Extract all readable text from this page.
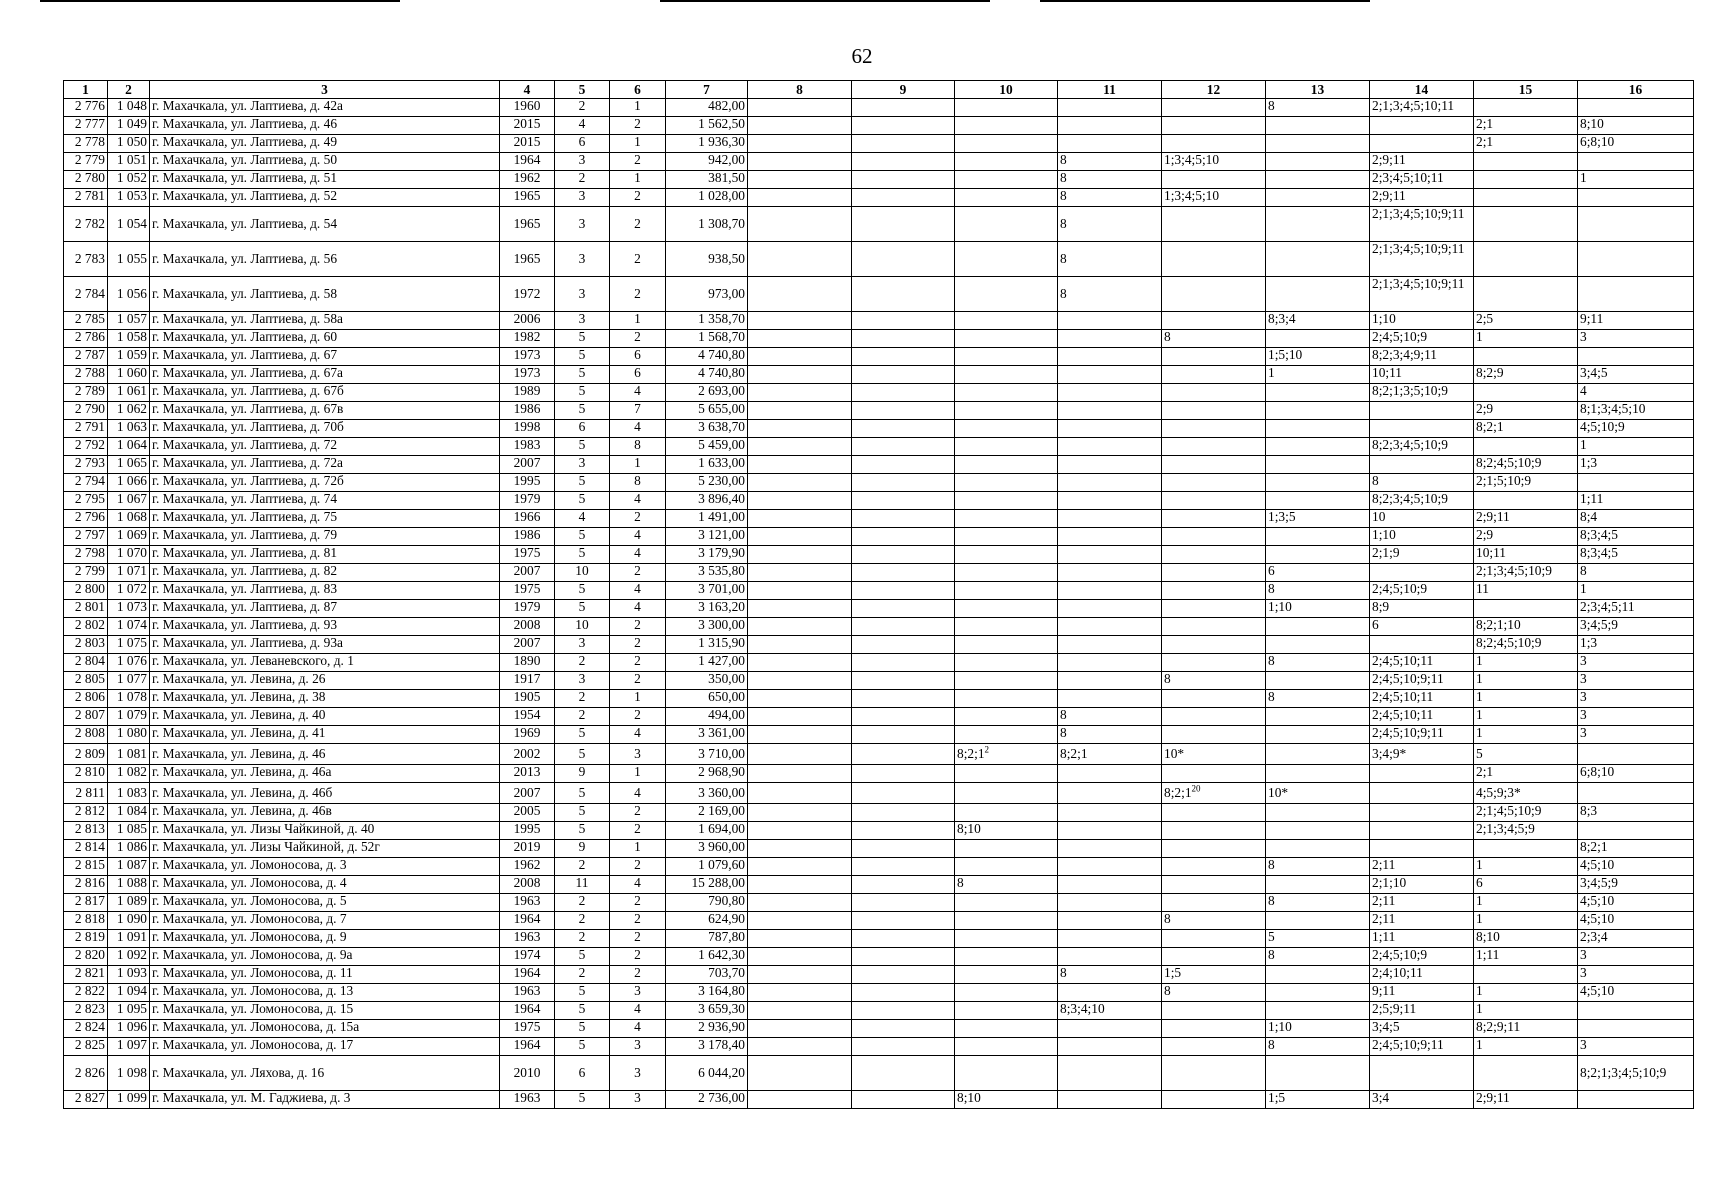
62
1	2	3	4	5	6	7	8	9	10	11	12	13	14	15	16
2 776	1 048	г. Махачкала, ул. Лаптиева, д. 42а	1960	2	1	482,00						8	2;1;3;4;5;10;11		
2 777	1 049	г. Махачкала, ул. Лаптиева, д. 46	2015	4	2	1 562,50								2;1	8;10
2 778	1 050	г. Махачкала, ул. Лаптиева, д. 49	2015	6	1	1 936,30								2;1	6;8;10
2 779	1 051	г. Махачкала, ул. Лаптиева, д. 50	1964	3	2	942,00				8	1;3;4;5;10		2;9;11		
2 780	1 052	г. Махачкала, ул. Лаптиева, д. 51	1962	2	1	381,50				8			2;3;4;5;10;11		1
2 781	1 053	г. Махачкала, ул. Лаптиева, д. 52	1965	3	2	1 028,00				8	1;3;4;5;10		2;9;11		
2 782	1 054	г. Махачкала, ул. Лаптиева, д. 54	1965	3	2	1 308,70				8			2;1;3;4;5;10;9;11		
2 783	1 055	г. Махачкала, ул. Лаптиева, д. 56	1965	3	2	938,50				8			2;1;3;4;5;10;9;11		
2 784	1 056	г. Махачкала, ул. Лаптиева, д. 58	1972	3	2	973,00				8			2;1;3;4;5;10;9;11		
2 785	1 057	г. Махачкала, ул. Лаптиева, д. 58а	2006	3	1	1 358,70						8;3;4	1;10	2;5	9;11
2 786	1 058	г. Махачкала, ул. Лаптиева, д. 60	1982	5	2	1 568,70					8		2;4;5;10;9	1	3
2 787	1 059	г. Махачкала, ул. Лаптиева, д. 67	1973	5	6	4 740,80						1;5;10	8;2;3;4;9;11		
2 788	1 060	г. Махачкала, ул. Лаптиева, д. 67а	1973	5	6	4 740,80						1	10;11	8;2;9	3;4;5
2 789	1 061	г. Махачкала, ул. Лаптиева, д. 67б	1989	5	4	2 693,00							8;2;1;3;5;10;9		4
2 790	1 062	г. Махачкала, ул. Лаптиева, д. 67в	1986	5	7	5 655,00								2;9	8;1;3;4;5;10
2 791	1 063	г. Махачкала, ул. Лаптиева, д. 70б	1998	6	4	3 638,70								8;2;1	4;5;10;9
2 792	1 064	г. Махачкала, ул. Лаптиева, д. 72	1983	5	8	5 459,00							8;2;3;4;5;10;9		1
2 793	1 065	г. Махачкала, ул. Лаптиева, д. 72а	2007	3	1	1 633,00								8;2;4;5;10;9	1;3
2 794	1 066	г. Махачкала, ул. Лаптиева, д. 72б	1995	5	8	5 230,00							8	2;1;5;10;9	
2 795	1 067	г. Махачкала, ул. Лаптиева, д. 74	1979	5	4	3 896,40							8;2;3;4;5;10;9		1;11
2 796	1 068	г. Махачкала, ул. Лаптиева, д. 75	1966	4	2	1 491,00						1;3;5	10	2;9;11	8;4
2 797	1 069	г. Махачкала, ул. Лаптиева, д. 79	1986	5	4	3 121,00							1;10	2;9	8;3;4;5
2 798	1 070	г. Махачкала, ул. Лаптиева, д. 81	1975	5	4	3 179,90							2;1;9	10;11	8;3;4;5
2 799	1 071	г. Махачкала, ул. Лаптиева, д. 82	2007	10	2	3 535,80						6		2;1;3;4;5;10;9	8
2 800	1 072	г. Махачкала, ул. Лаптиева, д. 83	1975	5	4	3 701,00						8	2;4;5;10;9	11	1
2 801	1 073	г. Махачкала, ул. Лаптиева, д. 87	1979	5	4	3 163,20						1;10	8;9		2;3;4;5;11
2 802	1 074	г. Махачкала, ул. Лаптиева, д. 93	2008	10	2	3 300,00							6	8;2;1;10	3;4;5;9
2 803	1 075	г. Махачкала, ул. Лаптиева, д. 93а	2007	3	2	1 315,90								8;2;4;5;10;9	1;3
2 804	1 076	г. Махачкала, ул. Леваневского, д. 1	1890	2	2	1 427,00						8	2;4;5;10;11	1	3
2 805	1 077	г. Махачкала, ул. Левина, д. 26	1917	3	2	350,00					8		2;4;5;10;9;11	1	3
2 806	1 078	г. Махачкала, ул. Левина, д. 38	1905	2	1	650,00						8	2;4;5;10;11	1	3
2 807	1 079	г. Махачкала, ул. Левина, д. 40	1954	2	2	494,00				8			2;4;5;10;11	1	3
2 808	1 080	г. Махачкала, ул. Левина, д. 41	1969	5	4	3 361,00				8			2;4;5;10;9;11	1	3
2 809	1 081	г. Махачкала, ул. Левина, д. 46	2002	5	3	3 710,00			$8;2;1^2$	8;2;1	10*		3;4;9*	5	
2 810	1 082	г. Махачкала, ул. Левина, д. 46а	2013	9	1	2 968,90								2;1	6;8;10
2 811	1 083	г. Махачкала, ул. Левина, д. 46б	2007	5	4	3 360,00					$8;2;1^{20}$	10*		4;5;9;3*	
2 812	1 084	г. Махачкала, ул. Левина, д. 46в	2005	5	2	2 169,00								2;1;4;5;10;9	8;3
2 813	1 085	г. Махачкала, ул. Лизы Чайкиной, д. 40	1995	5	2	1 694,00			8;10					2;1;3;4;5;9	
2 814	1 086	г. Махачкала, ул. Лизы Чайкиной, д. 52г	2019	9	1	3 960,00									8;2;1
2 815	1 087	г. Махачкала, ул. Ломоносова, д. 3	1962	2	2	1 079,60						8	2;11	1	4;5;10
2 816	1 088	г. Махачкала, ул. Ломоносова, д. 4	2008	11	4	15 288,00			8				2;1;10	6	3;4;5;9
2 817	1 089	г. Махачкала, ул. Ломоносова, д. 5	1963	2	2	790,80						8	2;11	1	4;5;10
2 818	1 090	г. Махачкала, ул. Ломоносова, д. 7	1964	2	2	624,90					8		2;11	1	4;5;10
2 819	1 091	г. Махачкала, ул. Ломоносова, д. 9	1963	2	2	787,80						5	1;11	8;10	2;3;4
2 820	1 092	г. Махачкала, ул. Ломоносова, д. 9а	1974	5	2	1 642,30						8	2;4;5;10;9	1;11	3
2 821	1 093	г. Махачкала, ул. Ломоносова, д. 11	1964	2	2	703,70				8	1;5		2;4;10;11		3
2 822	1 094	г. Махачкала, ул. Ломоносова, д. 13	1963	5	3	3 164,80					8		9;11	1	4;5;10
2 823	1 095	г. Махачкала, ул. Ломоносова, д. 15	1964	5	4	3 659,30				8;3;4;10			2;5;9;11	1	
2 824	1 096	г. Махачкала, ул. Ломоносова, д. 15а	1975	5	4	2 936,90						1;10	3;4;5	8;2;9;11	
2 825	1 097	г. Махачкала, ул. Ломоносова, д. 17	1964	5	3	3 178,40						8	2;4;5;10;9;11	1	3
2 826	1 098	г. Махачкала, ул. Ляхова, д. 16	2010	6	3	6 044,20									8;2;1;3;4;5;10;9
2 827	1 099	г. Махачкала, ул. М. Гаджиева, д. 3	1963	5	3	2 736,00			8;10			1;5	3;4	2;9;11	
